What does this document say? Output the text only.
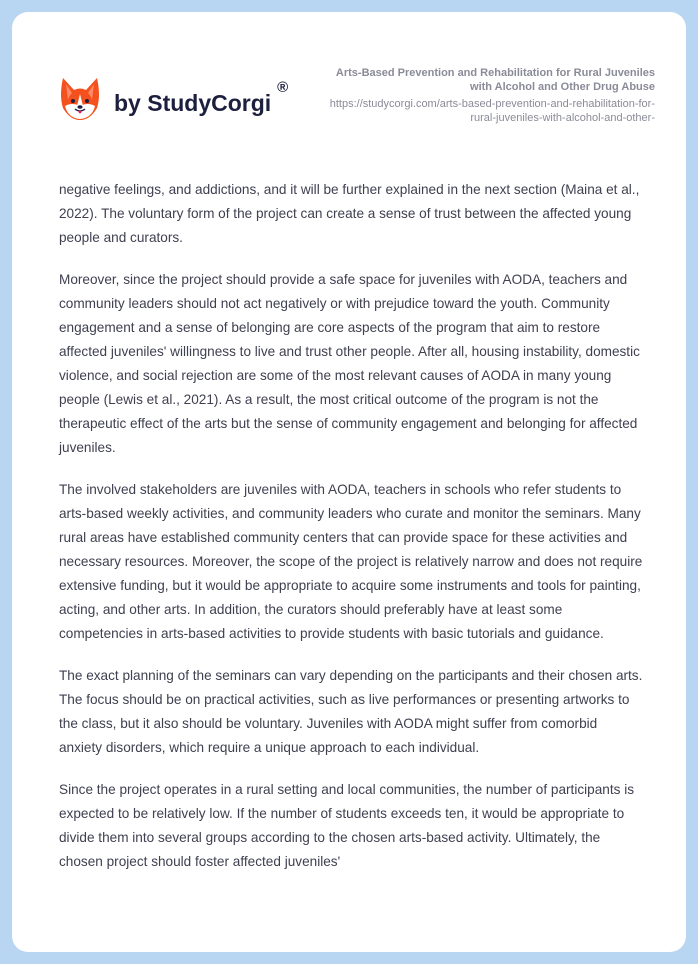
by StudyCorgi
®
Arts-Based Prevention and Rehabilitation for Rural Juveniles with Alcohol and Other Drug Abuse
https://studycorgi.com/arts-based-prevention-and-rehabilitation-for-rural-juveniles-with-alcohol-and-other-

negative feelings, and addictions, and it will be further explained in the next section (Maina et al., 2022). The voluntary form of the project can create a sense of trust between the affected young people and curators.

Moreover, since the project should provide a safe space for juveniles with AODA, teachers and community leaders should not act negatively or with prejudice toward the youth. Community engagement and a sense of belonging are core aspects of the program that aim to restore affected juveniles' willingness to live and trust other people. After all, housing instability, domestic violence, and social rejection are some of the most relevant causes of AODA in many young people (Lewis et al., 2021). As a result, the most critical outcome of the program is not the therapeutic effect of the arts but the sense of community engagement and belonging for affected juveniles.

The involved stakeholders are juveniles with AODA, teachers in schools who refer students to arts-based weekly activities, and community leaders who curate and monitor the seminars. Many rural areas have established community centers that can provide space for these activities and necessary resources. Moreover, the scope of the project is relatively narrow and does not require extensive funding, but it would be appropriate to acquire some instruments and tools for painting, acting, and other arts. In addition, the curators should preferably have at least some competencies in arts-based activities to provide students with basic tutorials and guidance.

The exact planning of the seminars can vary depending on the participants and their chosen arts. The focus should be on practical activities, such as live performances or presenting artworks to the class, but it also should be voluntary. Juveniles with AODA might suffer from comorbid anxiety disorders, which require a unique approach to each individual.

Since the project operates in a rural setting and local communities, the number of participants is expected to be relatively low. If the number of students exceeds ten, it would be appropriate to divide them into several groups according to the chosen arts-based activity. Ultimately, the chosen project should foster affected juveniles'
